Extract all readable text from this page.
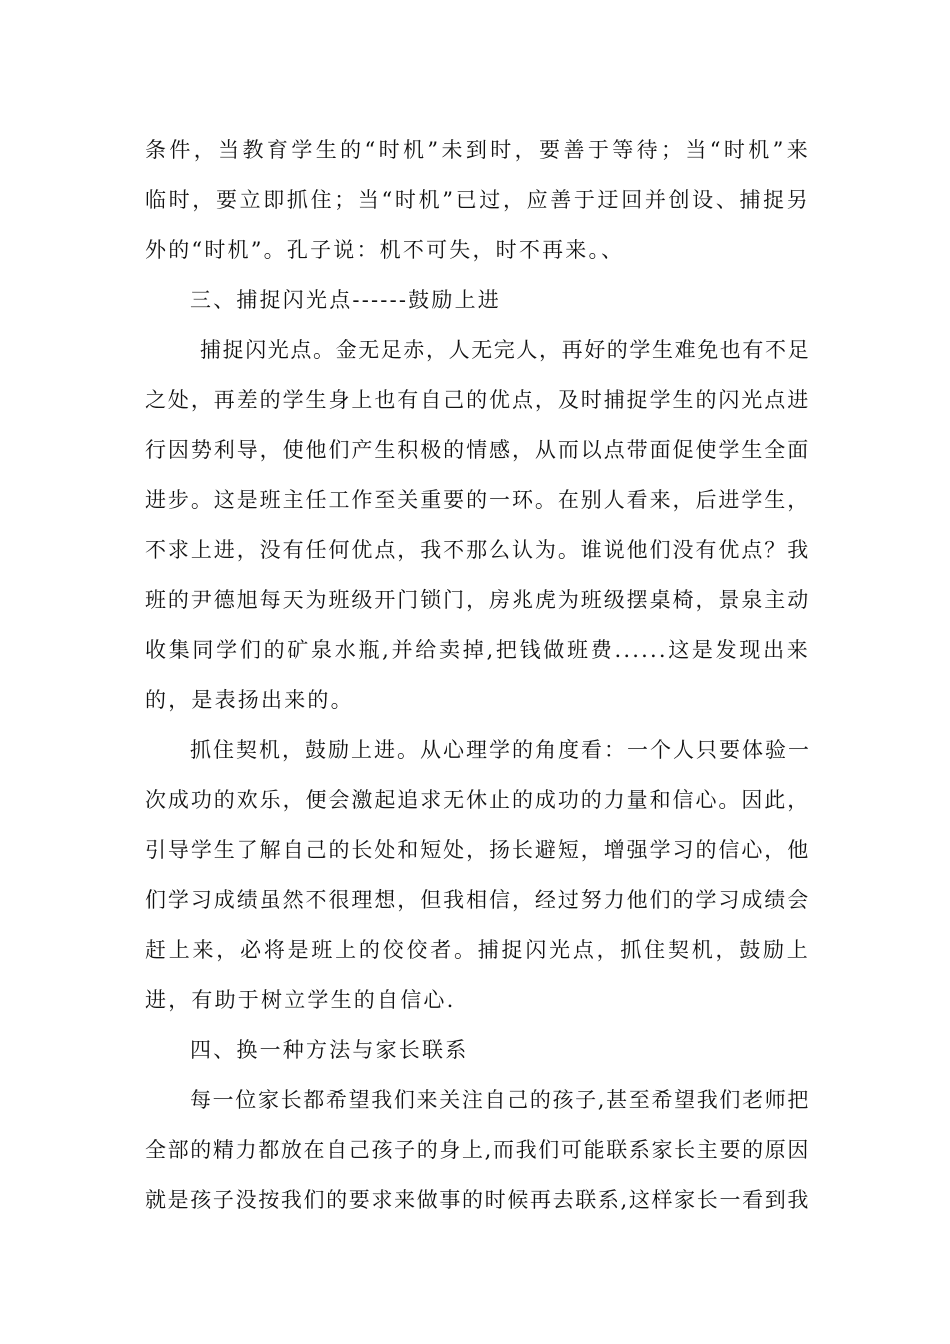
条件，当教育学生的“时机”未到时，要善于等待；当“时机”来
临时，要立即抓住；当“时机”已过，应善于迂回并创设、捕捉另
外的“时机”。孔子说：机不可失，时不再来。、
三、捕捉闪光点------鼓励上进
捕捉闪光点。金无足赤，人无完人，再好的学生难免也有不足
之处，再差的学生身上也有自己的优点，及时捕捉学生的闪光点进
行因势利导，使他们产生积极的情感，从而以点带面促使学生全面
进步。这是班主任工作至关重要的一环。在别人看来，后进学生，
不求上进，没有任何优点，我不那么认为。谁说他们没有优点？我
班的尹德旭每天为班级开门锁门，房兆虎为班级摆桌椅，景泉主动
收集同学们的矿泉水瓶,并给卖掉,把钱做班费......这是发现出来
的，是表扬出来的。
抓住契机，鼓励上进。从心理学的角度看：一个人只要体验一
次成功的欢乐，便会激起追求无休止的成功的力量和信心。因此，
引导学生了解自己的长处和短处，扬长避短，增强学习的信心，他
们学习成绩虽然不很理想，但我相信，经过努力他们的学习成绩会
赶上来，必将是班上的佼佼者。捕捉闪光点，抓住契机，鼓励上
进，有助于树立学生的自信心.
四、换一种方法与家长联系
每一位家长都希望我们来关注自己的孩子,甚至希望我们老师把
全部的精力都放在自己孩子的身上,而我们可能联系家长主要的原因
就是孩子没按我们的要求来做事的时候再去联系,这样家长一看到我
